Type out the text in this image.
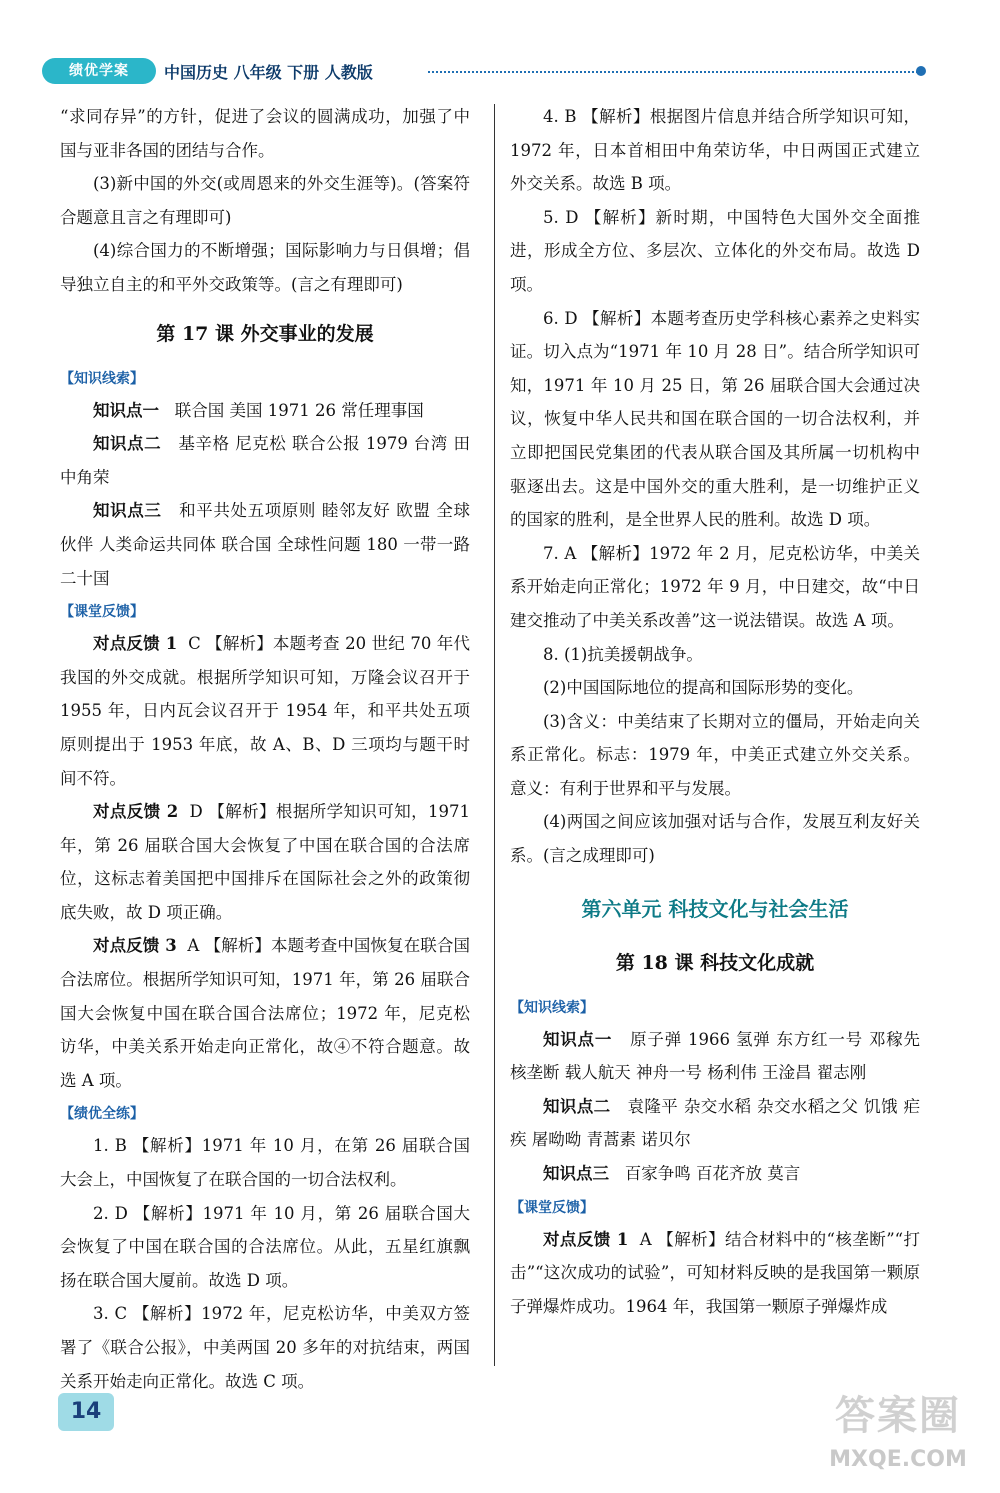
绩优学案	中国历史 八年级 下册 人教版

“求同存异”的方针，促进了会议的圆满成功，加强了中国与亚非各国的团结与合作。

(3)新中国的外交(或周恩来的外交生涯等)。(答案符合题意且言之有理即可)

(4)综合国力的不断增强；国际影响力与日俱增；倡导独立自主的和平外交政策等。(言之有理即可)

第 17 课 外交事业的发展
【知识线索】

知识点一 联合国 美国 1971 26 常任理事国

知识点二 基辛格 尼克松 联合公报 1979 台湾 田中角荣

知识点三 和平共处五项原则 睦邻友好 欧盟 全球伙伴 人类命运共同体 联合国 全球性问题 180 一带一路 二十国

【课堂反馈】

对点反馈 1 C 【解析】本题考查 20 世纪 70 年代我国的外交成就。根据所学知识可知，万隆会议召开于 1955 年，日内瓦会议召开于 1954 年，和平共处五项原则提出于 1953 年底，故 A、B、D 三项均与题干时间不符。

对点反馈 2 D 【解析】根据所学知识可知，1971 年，第 26 届联合国大会恢复了中国在联合国的合法席位，这标志着美国把中国排斥在国际社会之外的政策彻底失败，故 D 项正确。

对点反馈 3 A 【解析】本题考查中国恢复在联合国合法席位。根据所学知识可知，1971 年，第 26 届联合国大会恢复中国在联合国合法席位；1972 年，尼克松访华，中美关系开始走向正常化，故④不符合题意。故选 A 项。

【绩优全练】

1. B 【解析】1971 年 10 月，在第 26 届联合国大会上，中国恢复了在联合国的一切合法权利。

2. D 【解析】1971 年 10 月，第 26 届联合国大会恢复了中国在联合国的合法席位。从此，五星红旗飘扬在联合国大厦前。故选 D 项。

3. C 【解析】1972 年，尼克松访华，中美双方签署了《联合公报》，中美两国 20 多年的对抗结束，两国关系开始走向正常化。故选 C 项。

4. B 【解析】根据图片信息并结合所学知识可知，1972 年，日本首相田中角荣访华，中日两国正式建立外交关系。故选 B 项。

5. D 【解析】新时期，中国特色大国外交全面推进，形成全方位、多层次、立体化的外交布局。故选 D 项。

6. D 【解析】本题考查历史学科核心素养之史料实证。切入点为“1971 年 10 月 28 日”。结合所学知识可知，1971 年 10 月 25 日，第 26 届联合国大会通过决议，恢复中华人民共和国在联合国的一切合法权利，并立即把国民党集团的代表从联合国及其所属一切机构中驱逐出去。这是中国外交的重大胜利，是一切维护正义的国家的胜利，是全世界人民的胜利。故选 D 项。

7. A 【解析】1972 年 2 月，尼克松访华，中美关系开始走向正常化；1972 年 9 月，中日建交，故“中日建交推动了中美关系改善”这一说法错误。故选 A 项。

8. (1)抗美援朝战争。

(2)中国国际地位的提高和国际形势的变化。

(3)含义：中美结束了长期对立的僵局，开始走向关系正常化。标志：1979 年，中美正式建立外交关系。意义：有利于世界和平与发展。

(4)两国之间应该加强对话与合作，发展互利友好关系。(言之成理即可)

第六单元 科技文化与社会生活
第 18 课 科技文化成就
【知识线索】

知识点一 原子弹 1966 氢弹 东方红一号 邓稼先 核垄断 载人航天 神舟一号 杨利伟 王淦昌 翟志刚

知识点二 袁隆平 杂交水稻 杂交水稻之父 饥饿 疟疾 屠呦呦 青蒿素 诺贝尔

知识点三 百家争鸣 百花齐放 莫言

【课堂反馈】

对点反馈 1 A 【解析】结合材料中的“核垄断”“打击”“这次成功的试验”，可知材料反映的是我国第一颗原子弹爆炸成功。1964 年，我国第一颗原子弹爆炸成

14	答案圈
MXQE.COM
